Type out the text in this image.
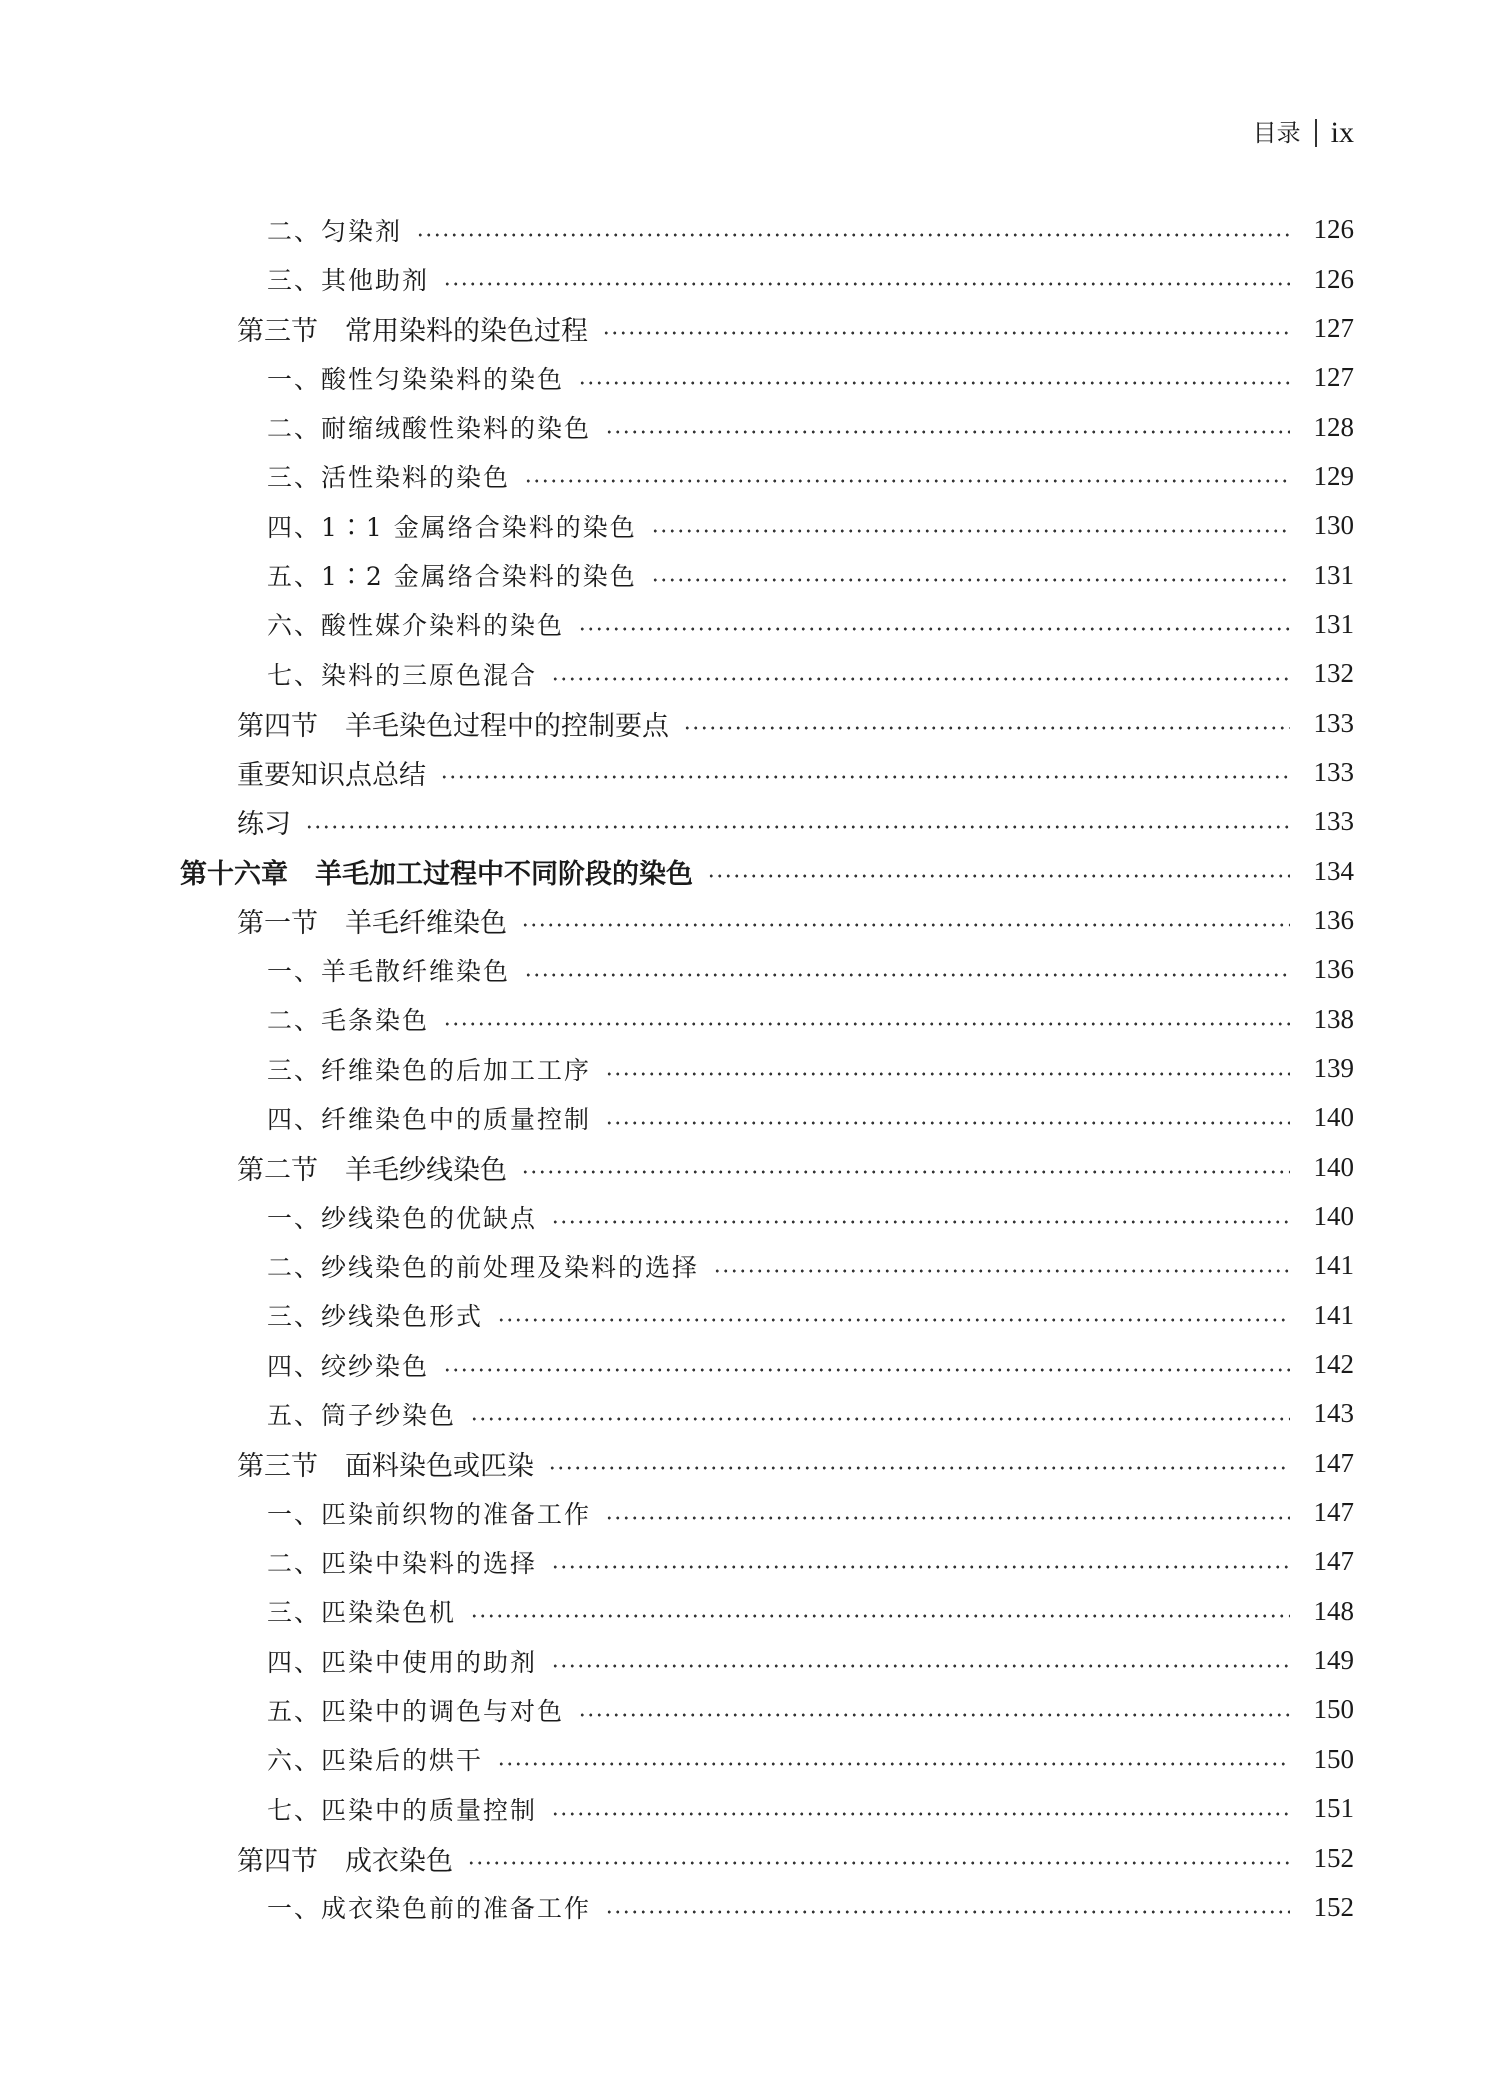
目录 ix
二、匀染剂	126
三、其他助剂	126
第三节　常用染料的染色过程	127
一、酸性匀染染料的染色	127
二、耐缩绒酸性染料的染色	128
三、活性染料的染色	129
四、1∶1 金属络合染料的染色	130
五、1∶2 金属络合染料的染色	131
六、酸性媒介染料的染色	131
七、染料的三原色混合	132
第四节　羊毛染色过程中的控制要点	133
重要知识点总结	133
练习	133
第十六章　羊毛加工过程中不同阶段的染色	134
第一节　羊毛纤维染色	136
一、羊毛散纤维染色	136
二、毛条染色	138
三、纤维染色的后加工工序	139
四、纤维染色中的质量控制	140
第二节　羊毛纱线染色	140
一、纱线染色的优缺点	140
二、纱线染色的前处理及染料的选择	141
三、纱线染色形式	141
四、绞纱染色	142
五、筒子纱染色	143
第三节　面料染色或匹染	147
一、匹染前织物的准备工作	147
二、匹染中染料的选择	147
三、匹染染色机	148
四、匹染中使用的助剂	149
五、匹染中的调色与对色	150
六、匹染后的烘干	150
七、匹染中的质量控制	151
第四节　成衣染色	152
一、成衣染色前的准备工作	152
